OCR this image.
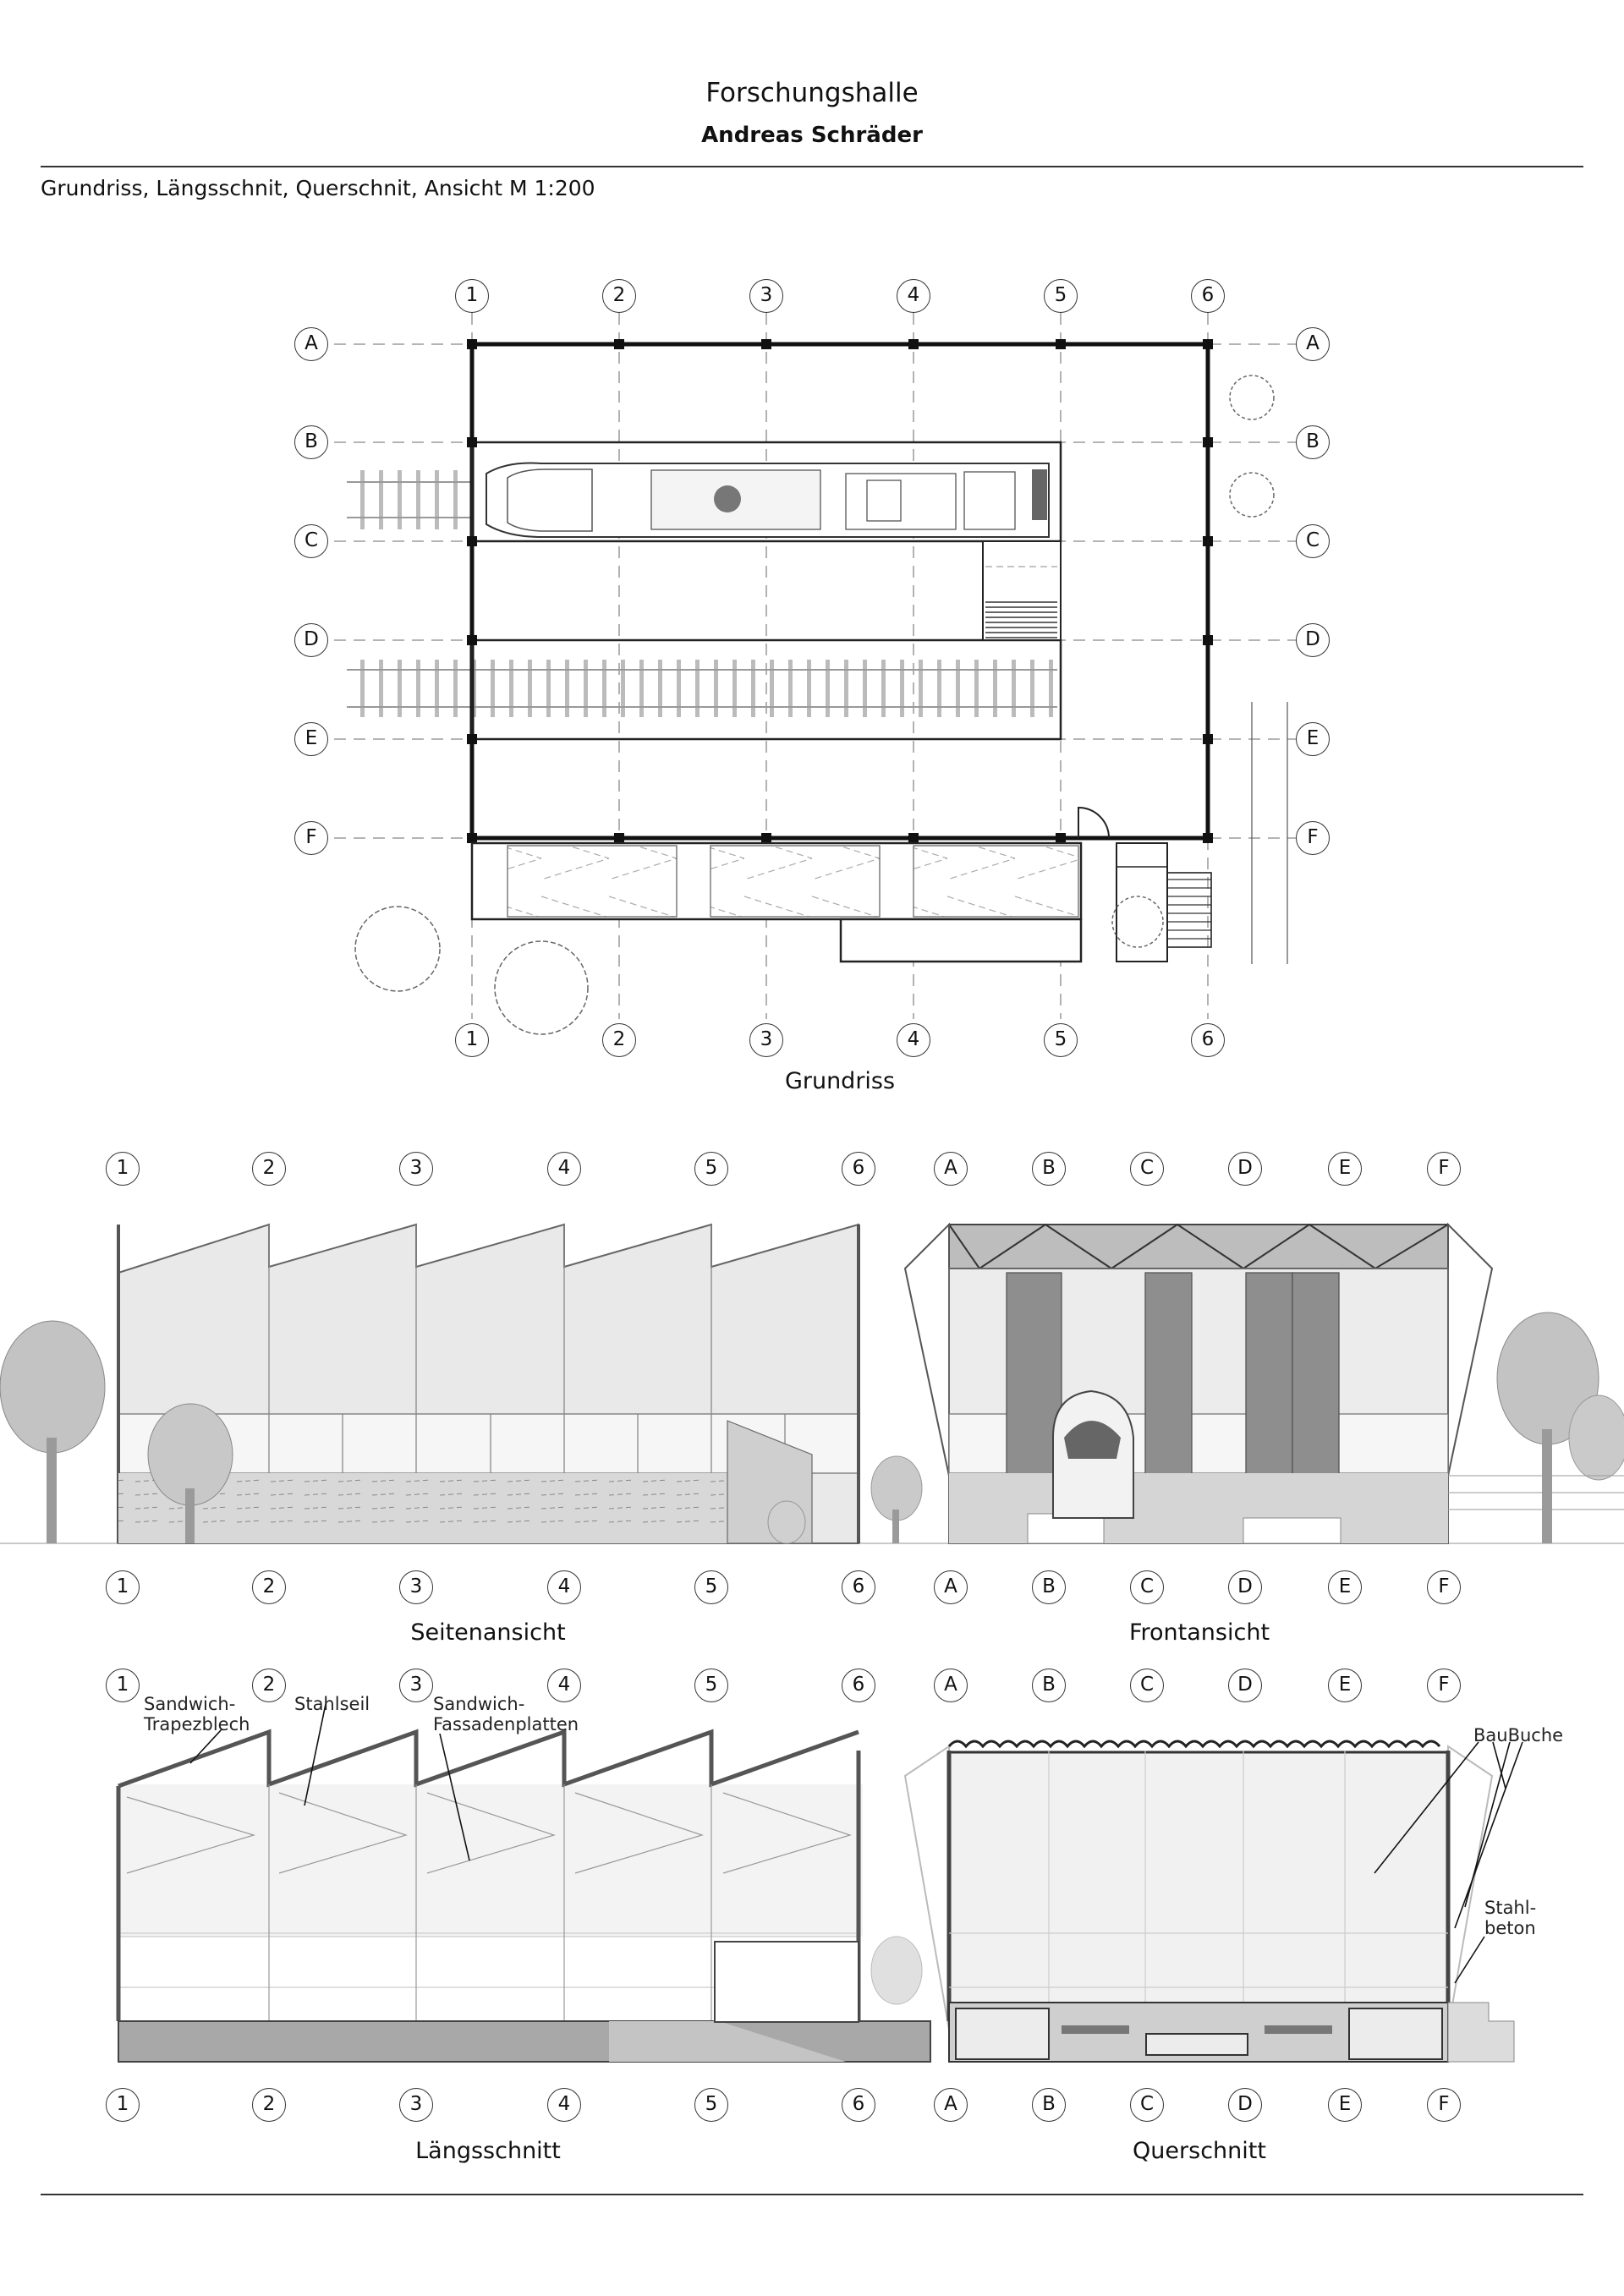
Forschungshalle
Andreas Schräder
Grundriss, Längsschnit, Querschnit, Ansicht M 1:200
Sandwich-
Trapezblech
Stahlseil	Sandwich-
Fassadenplatten
BauBuche
Stahl-
beton
Grundriss
Seitenansicht	Frontansicht
Längsschnitt	Querschnitt
1
1
2
2
3
3
4
4
5
5
6
6
A	A
B	B
C	C
D	D
E	E
F	F
1	2	3	4	5	6
1	2	3	4	5	6
1	2	3	4	5	6
1	2	3	4	5	6
A	B	C	D	E	F
A	B	C	D	E	F
A	B	C	D	E	F
A	B	C	D	E	F
